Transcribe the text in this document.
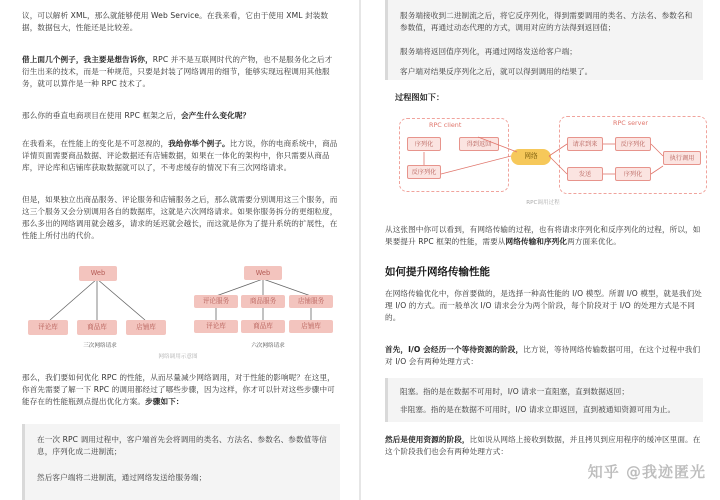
议，可以解析 XML，那么就能够使用 Web Service。在我来看，它由于使用 XML 封装数据，数据包大，性能还是比较差。

借上面几个例子，我主要是想告诉你，RPC 并不是互联网时代的产物，也不是服务化之后才衍生出来的技术，而是一种规范，只要是封装了网络调用的细节，能够实现远程调用其他服务，就可以算作是一种 RPC 技术了。

那么你的垂直电商项目在使用 RPC 框架之后，会产生什么变化呢？

在我看来，在性能上的变化是不可忽视的，我给你举个例子。比方说，你的电商系统中，商品详情页面需要商品数据、评论数据还有店铺数据，如果在一体化的架构中，你只需要从商品库，评论库和店铺库获取数据就可以了，不考虑缓存的情况下有三次网络请求。

但是，如果独立出商品服务、评论服务和店铺服务之后，那么就需要分别调用这三个服务，而这三个服务又会分别调用各自的数据库，这就是六次网络请求。如果你服务拆分的更细粒度，那么多出的网络调用就会越多，请求的延迟就会越长，而这就是你为了提升系统的扩展性，在性能上所付出的代价。

Web
评论库	商品库	店铺库
三次网络请求
Web
评论服务	商品服务	店铺服务
评论库	商品库	店铺库
六次网络请求
网络调用示意图

那么，我们要如何优化 RPC 的性能，从而尽量减少网络调用，对于性能的影响呢？在这里，你首先需要了解一下 RPC 的调用都经过了哪些步骤，因为这样，你才可以针对这些步骤中可能存在的性能瓶颈点提出优化方案。步骤如下：

在一次 RPC 调用过程中，客户端首先会将调用的类名、方法名、参数名、参数值等信息，序列化成二进制流；

然后客户端将二进制流，通过网络发送给服务端；

服务端接收到二进制流之后，将它反序列化，得到需要调用的类名、方法名、参数名和参数值，再通过动态代理的方式，调用对应的方法得到返回值；

服务端将返回值序列化，再通过网络发送给客户端；

客户端对结果反序列化之后，就可以得到调用的结果了。

过程图如下：
RPC client
序列化
反序列化
得到返回
网络
RPC server
请求到来	反序列化
执行调用
序列化
发送
RPC调用过程

从这张图中你可以看到，有网络传输的过程，也有将请求序列化和反序列化的过程，所以，如果要提升 RPC 框架的性能，需要从网络传输和序列化两方面来优化。

如何提升网络传输性能

在网络传输优化中，你首要做的，是选择一种高性能的 I/O 模型。所谓 I/O 模型，就是我们处理 I/O 的方式。而一般单次 I/O 请求会分为两个阶段，每个阶段对于 I/O 的处理方式是不同的。

首先，I/O 会经历一个等待资源的阶段，比方说，等待网络传输数据可用，在这个过程中我们对 I/O 会有两种处理方式：

阻塞。指的是在数据不可用时，I/O 请求一直阻塞，直到数据返回；

非阻塞。指的是在数据不可用时，I/O 请求立即返回，直到被通知资源可用为止。

然后是使用资源的阶段，比如说从网络上接收到数据，并且拷贝到应用程序的缓冲区里面。在这个阶段我们也会有两种处理方式：

知乎 @我迹匿光
